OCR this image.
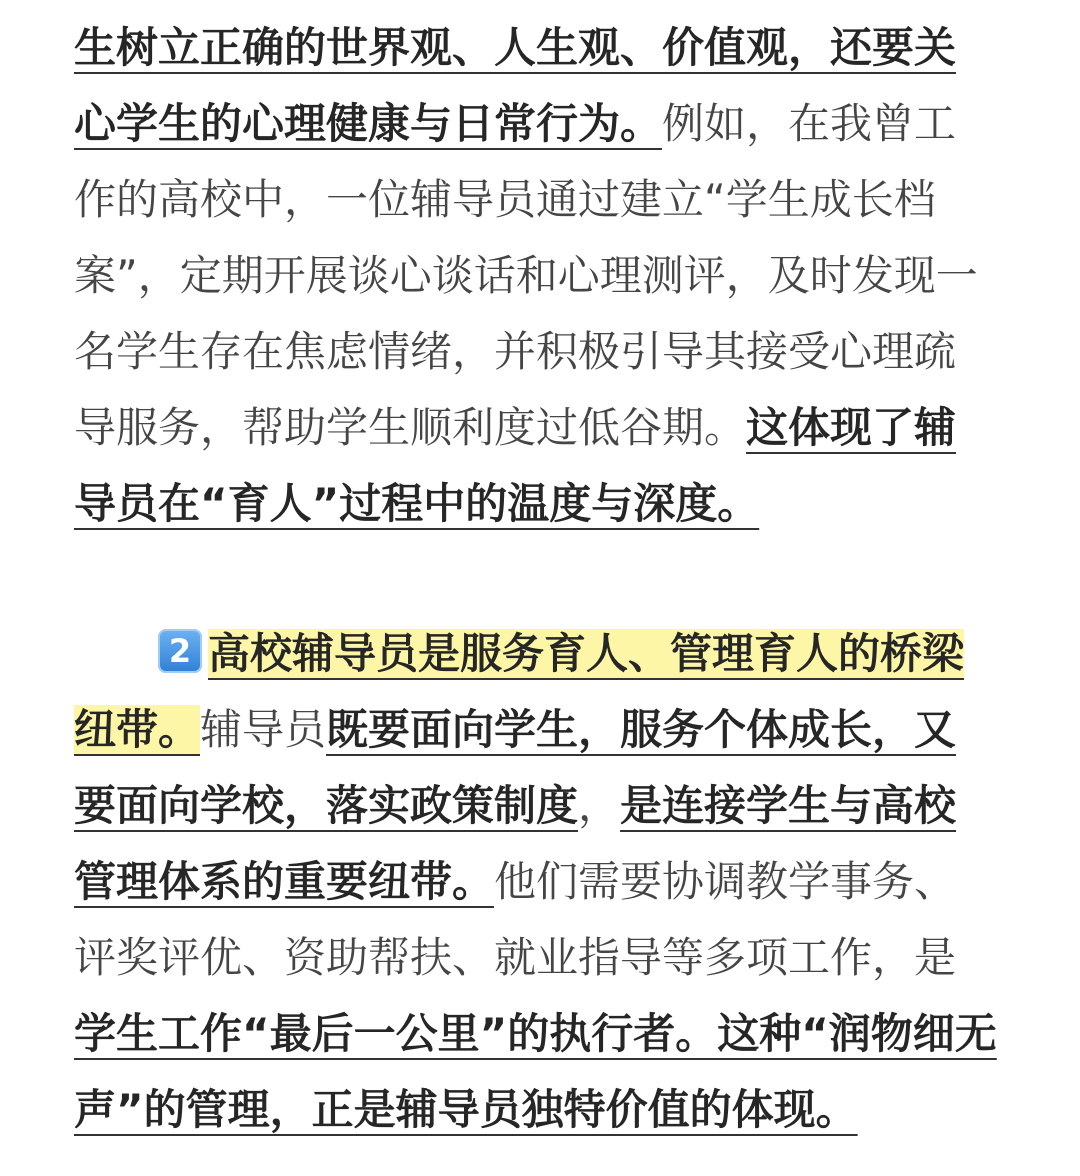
生树立正确的世界观、人生观、价值观，还要关
心学生的心理健康与日常行为。例如，在我曾工
作的高校中，一位辅导员通过建立“学生成长档
案”，定期开展谈心谈话和心理测评，及时发现一
名学生存在焦虑情绪，并积极引导其接受心理疏
导服务，帮助学生顺利度过低谷期。这体现了辅
导员在“育人”过程中的温度与深度。
2 高校辅导员是服务育人、管理育人的桥梁
纽带。辅导员既要面向学生，服务个体成长，又
要面向学校，落实政策制度，是连接学生与高校
管理体系的重要纽带。他们需要协调教学事务、
评奖评优、资助帮扶、就业指导等多项工作，是
学生工作“最后一公里”的执行者。这种“润物细无
声”的管理，正是辅导员独特价值的体现。
